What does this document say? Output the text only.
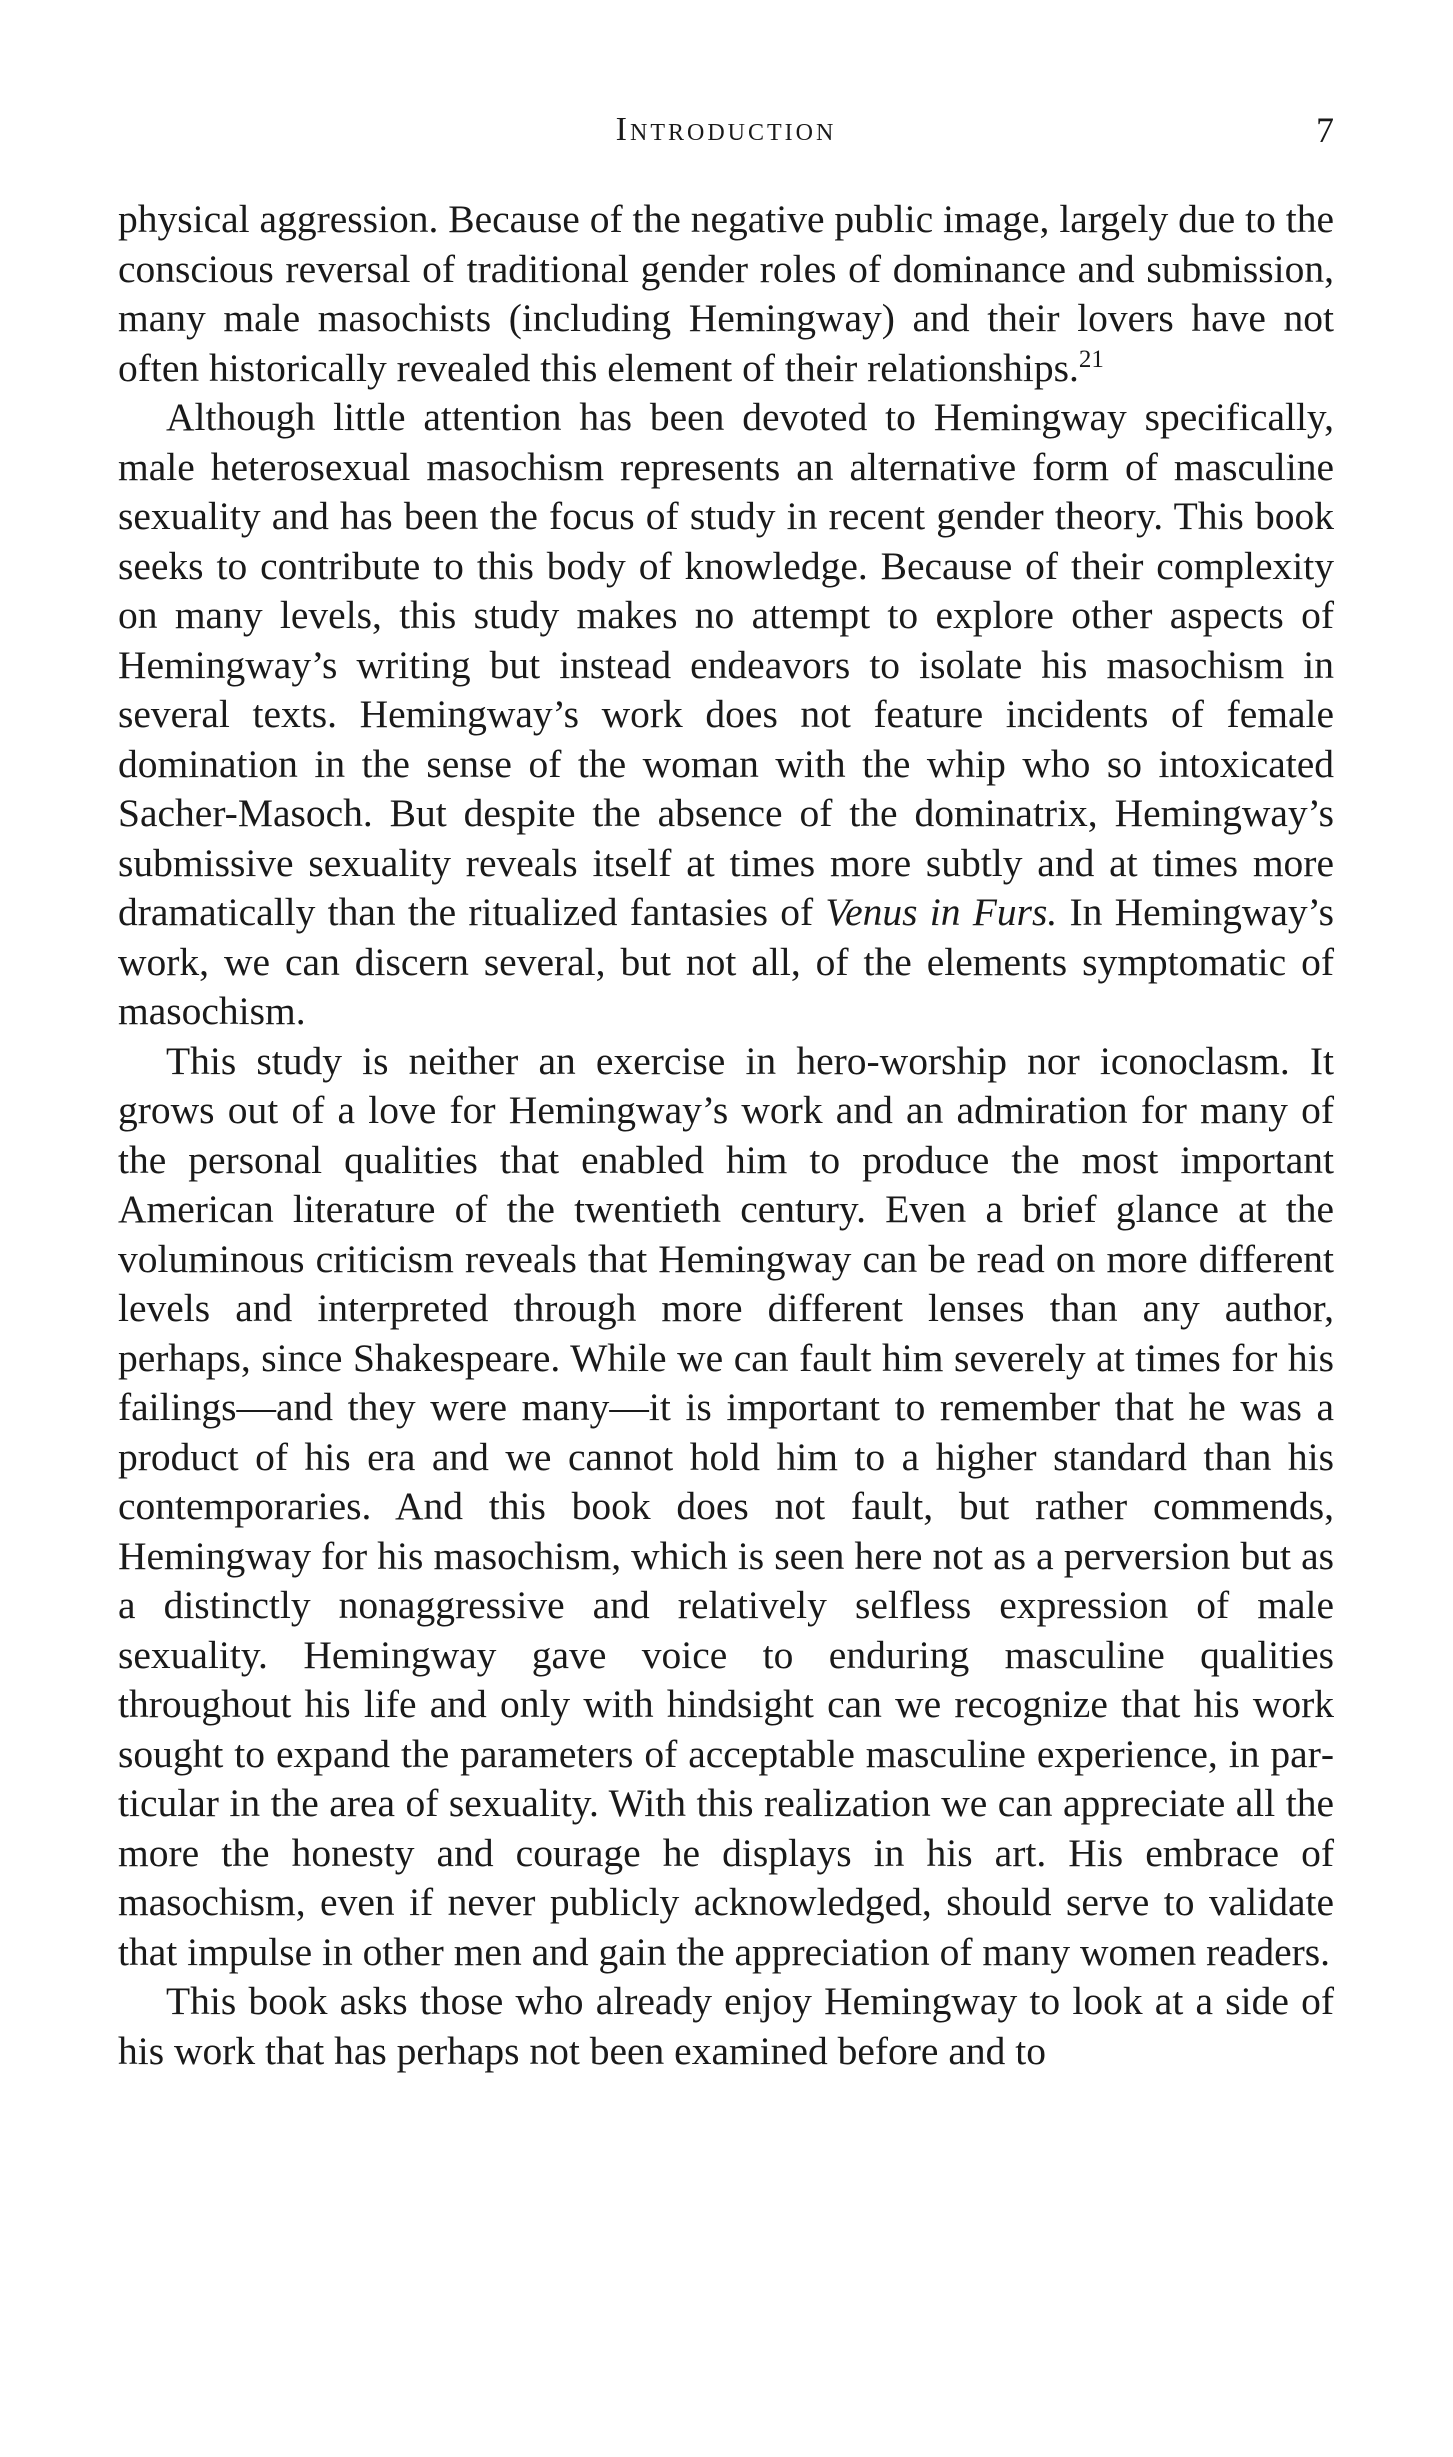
Introduction	7

physical aggression. Because of the negative public image, largely due to the conscious reversal of traditional gender roles of dominance and submission, many male masochists (including Hemingway) and their lovers have not often historically revealed this element of their relationships.$^{21}$

Although little attention has been devoted to Hemingway specifically, male heterosexual masochism represents an alternative form of masculine sexuality and has been the focus of study in recent gender theory. This book seeks to contribute to this body of knowledge. Because of their complexity on many levels, this study makes no attempt to explore other aspects of Hemingway’s writing but instead endeavors to isolate his masochism in several texts. Hemingway’s work does not feature incidents of female domination in the sense of the woman with the whip who so intoxicated Sacher-Masoch. But despite the absence of the dominatrix, Hemingway’s submissive sexuality reveals itself at times more subtly and at times more dramatically than the ritualized fantasies of Venus in Furs. In Hemingway’s work, we can discern several, but not all, of the elements symptomatic of masochism.

This study is neither an exercise in hero-worship nor iconoclasm. It grows out of a love for Hemingway’s work and an admiration for many of the personal qualities that enabled him to produce the most important American literature of the twentieth century. Even a brief glance at the voluminous criticism reveals that Hemingway can be read on more different levels and interpreted through more different lenses than any author, perhaps, since Shakespeare. While we can fault him severely at times for his failings—and they were many—it is important to remember that he was a product of his era and we cannot hold him to a higher standard than his contemporaries. And this book does not fault, but rather commends, Hemingway for his masochism, which is seen here not as a perversion but as a distinctly nonaggressive and relatively selfless expression of male sexuality. Hemingway gave voice to enduring masculine qualities throughout his life and only with hindsight can we recognize that his work sought to expand the parameters of acceptable masculine experience, in particular in the area of sexuality. With this realization we can appreciate all the more the honesty and courage he displays in his art. His embrace of masochism, even if never publicly acknowledged, should serve to validate that impulse in other men and gain the appreciation of many women readers.

This book asks those who already enjoy Hemingway to look at a side of his work that has perhaps not been examined before and to
